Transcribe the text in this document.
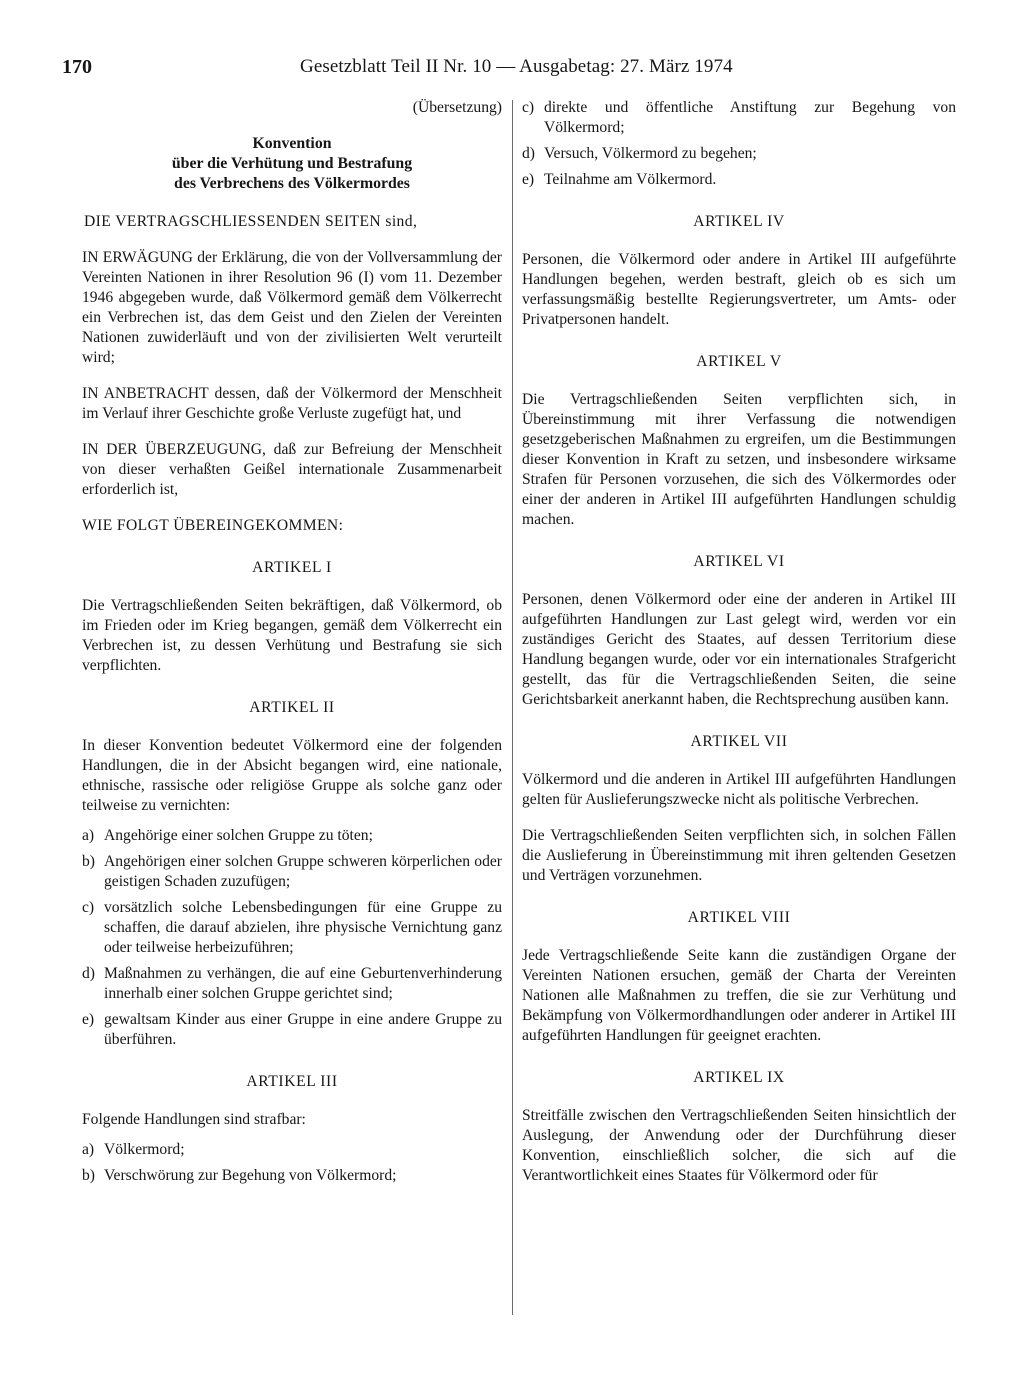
170	Gesetzblatt Teil II Nr. 10 — Ausgabetag: 27. März 1974

(Übersetzung)

Konvention
über die Verhütung und Bestrafung
des Verbrechens des Völkermordes

DIE VERTRAGSCHLIESSENDEN SEITEN sind,

IN ERWÄGUNG der Erklärung, die von der Vollversammlung der Vereinten Nationen in ihrer Resolution 96 (I) vom 11. Dezember 1946 abgegeben wurde, daß Völkermord gemäß dem Völkerrecht ein Verbrechen ist, das dem Geist und den Zielen der Vereinten Nationen zuwiderläuft und von der zivilisierten Welt verurteilt wird;

IN ANBETRACHT dessen, daß der Völkermord der Menschheit im Verlauf ihrer Geschichte große Verluste zugefügt hat, und

IN DER ÜBERZEUGUNG, daß zur Befreiung der Menschheit von dieser verhaßten Geißel internationale Zusammenarbeit erforderlich ist,

WIE FOLGT ÜBEREINGEKOMMEN:

ARTIKEL I

Die Vertragschließenden Seiten bekräftigen, daß Völkermord, ob im Frieden oder im Krieg begangen, gemäß dem Völkerrecht ein Verbrechen ist, zu dessen Verhütung und Bestrafung sie sich verpflichten.

ARTIKEL II

In dieser Konvention bedeutet Völkermord eine der folgenden Handlungen, die in der Absicht begangen wird, eine nationale, ethnische, rassische oder religiöse Gruppe als solche ganz oder teilweise zu vernichten:

a) Angehörige einer solchen Gruppe zu töten;

b) Angehörigen einer solchen Gruppe schweren körperlichen oder geistigen Schaden zuzufügen;

c) vorsätzlich solche Lebensbedingungen für eine Gruppe zu schaffen, die darauf abzielen, ihre physische Vernichtung ganz oder teilweise herbeizuführen;

d) Maßnahmen zu verhängen, die auf eine Geburtenverhinderung innerhalb einer solchen Gruppe gerichtet sind;

e) gewaltsam Kinder aus einer Gruppe in eine andere Gruppe zu überführen.

ARTIKEL III

Folgende Handlungen sind strafbar:

a) Völkermord;

b) Verschwörung zur Begehung von Völkermord;

c) direkte und öffentliche Anstiftung zur Begehung von Völkermord;

d) Versuch, Völkermord zu begehen;

e) Teilnahme am Völkermord.

ARTIKEL IV

Personen, die Völkermord oder andere in Artikel III aufgeführte Handlungen begehen, werden bestraft, gleich ob es sich um verfassungsmäßig bestellte Regierungsvertreter, um Amts- oder Privatpersonen handelt.

ARTIKEL V

Die Vertragschließenden Seiten verpflichten sich, in Übereinstimmung mit ihrer Verfassung die notwendigen gesetzgeberischen Maßnahmen zu ergreifen, um die Bestimmungen dieser Konvention in Kraft zu setzen, und insbesondere wirksame Strafen für Personen vorzusehen, die sich des Völkermordes oder einer der anderen in Artikel III aufgeführten Handlungen schuldig machen.

ARTIKEL VI

Personen, denen Völkermord oder eine der anderen in Artikel III aufgeführten Handlungen zur Last gelegt wird, werden vor ein zuständiges Gericht des Staates, auf dessen Territorium diese Handlung begangen wurde, oder vor ein internationales Strafgericht gestellt, das für die Vertragschließenden Seiten, die seine Gerichtsbarkeit anerkannt haben, die Rechtsprechung ausüben kann.

ARTIKEL VII

Völkermord und die anderen in Artikel III aufgeführten Handlungen gelten für Auslieferungszwecke nicht als politische Verbrechen.

Die Vertragschließenden Seiten verpflichten sich, in solchen Fällen die Auslieferung in Übereinstimmung mit ihren geltenden Gesetzen und Verträgen vorzunehmen.

ARTIKEL VIII

Jede Vertragschließende Seite kann die zuständigen Organe der Vereinten Nationen ersuchen, gemäß der Charta der Vereinten Nationen alle Maßnahmen zu treffen, die sie zur Verhütung und Bekämpfung von Völkermordhandlungen oder anderer in Artikel III aufgeführten Handlungen für geeignet erachten.

ARTIKEL IX

Streitfälle zwischen den Vertragschließenden Seiten hinsichtlich der Auslegung, der Anwendung oder der Durchführung dieser Konvention, einschließlich solcher, die sich auf die Verantwortlichkeit eines Staates für Völkermord oder für
